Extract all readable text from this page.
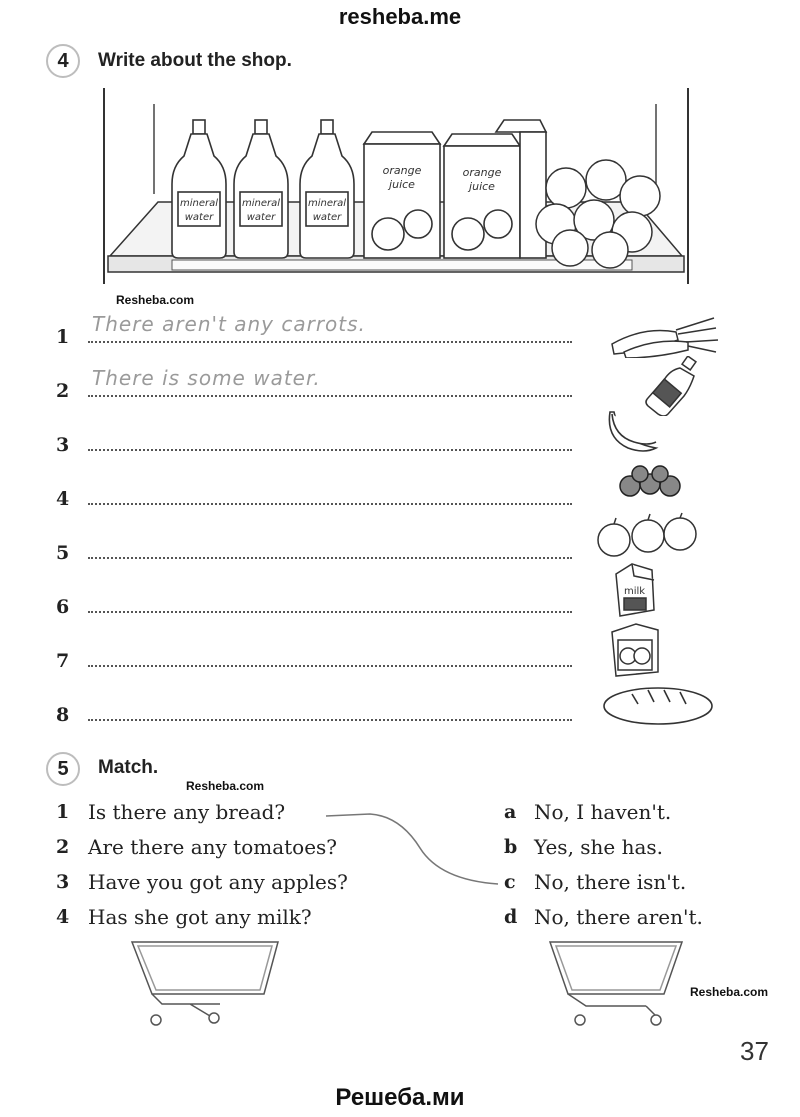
resheba.me
4	Write about the shop.
mineral
water
mineral
water
mineral
water
orange
juice
orange
juice
Resheba.com
1
There aren't any carrots.
2
There is some water.
3
4
5
6
7
8
milk
5	Match.
Resheba.com
1 Is there any bread?
2 Are there any tomatoes?
3 Have you got any apples?
4 Has she got any milk?
a No, I haven't.
b Yes, she has.
c No, there isn't.
d No, there aren't.
Resheba.com
37
Решеба.ми
